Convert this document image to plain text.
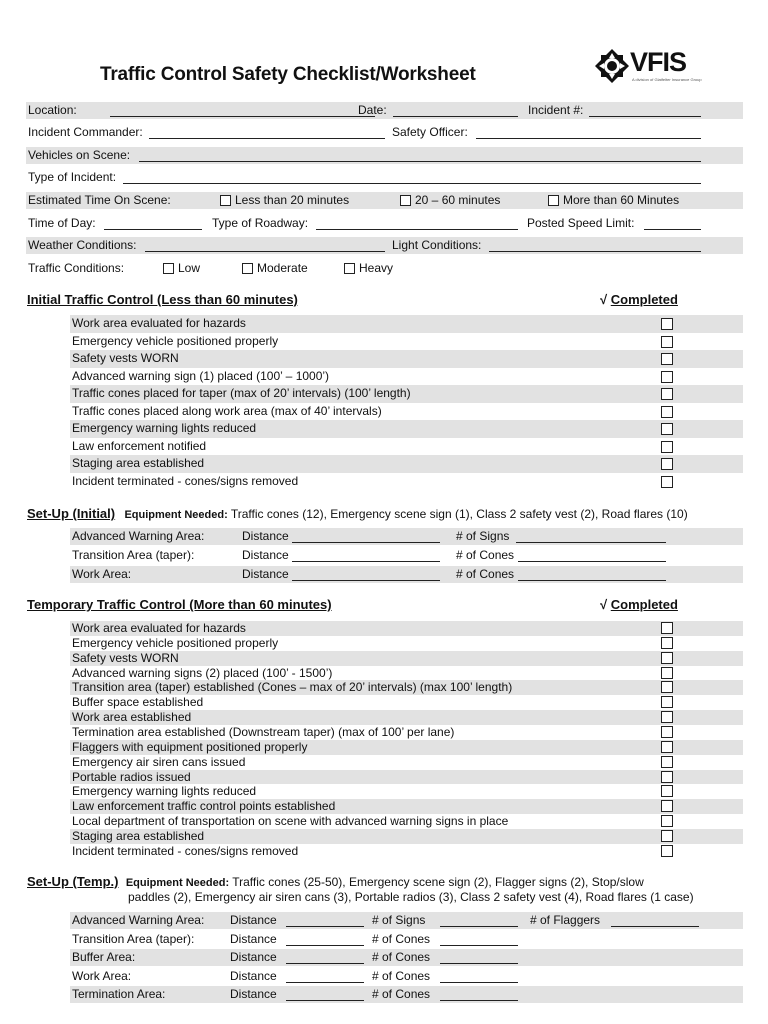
Traffic Control Safety Checklist/Worksheet	VFIS
A division of Glatfelter Insurance Group
Location:	Date:	Incident #:
Incident Commander:	Safety Officer:
Vehicles on Scene:
Type of Incident:
Estimated Time On Scene:	Less than 20 minutes	20 – 60 minutes	More than 60 Minutes
Time of Day:	Type of Roadway:	Posted Speed Limit:
Weather Conditions:	Light Conditions:
Traffic Conditions:	Low	Moderate	Heavy
Initial Traffic Control (Less than 60 minutes)	√ Completed
Work area evaluated for hazards
Emergency vehicle positioned properly
Safety vests WORN
Advanced warning sign (1) placed (100’ – 1000’)
Traffic cones placed for taper (max of 20’ intervals) (100’ length)
Traffic cones placed along work area (max of 40’ intervals)
Emergency warning lights reduced
Law enforcement notified
Staging area established
Incident terminated - cones/signs removed
Set-Up (Initial) Equipment Needed: Traffic cones (12), Emergency scene sign (1), Class 2 safety vest (2), Road flares (10)
Advanced Warning Area:	Distance	# of Signs
Transition Area (taper):	Distance	# of Cones
Work Area:	Distance	# of Cones
Temporary Traffic Control (More than 60 minutes)	√ Completed
Work area evaluated for hazards
Emergency vehicle positioned properly
Safety vests WORN
Advanced warning signs (2) placed (100’ - 1500’)
Transition area (taper) established (Cones – max of 20’ intervals) (max 100’ length)
Buffer space established
Work area established
Termination area established (Downstream taper) (max of 100’ per lane)
Flaggers with equipment positioned properly
Emergency air siren cans issued
Portable radios issued
Emergency warning lights reduced
Law enforcement traffic control points established
Local department of transportation on scene with advanced warning signs in place
Staging area established
Incident terminated - cones/signs removed
Set-Up (Temp.) Equipment Needed: Traffic cones (25-50), Emergency scene sign (2), Flagger signs (2), Stop/slow
paddles (2), Emergency air siren cans (3), Portable radios (3), Class 2 safety vest (4), Road flares (1 case)
Advanced Warning Area: Distance	# of Signs	# of Flaggers
Transition Area (taper):	Distance	# of Cones
Buffer Area:	Distance	# of Cones
Work Area:	Distance	# of Cones
Termination Area:	Distance	# of Cones
